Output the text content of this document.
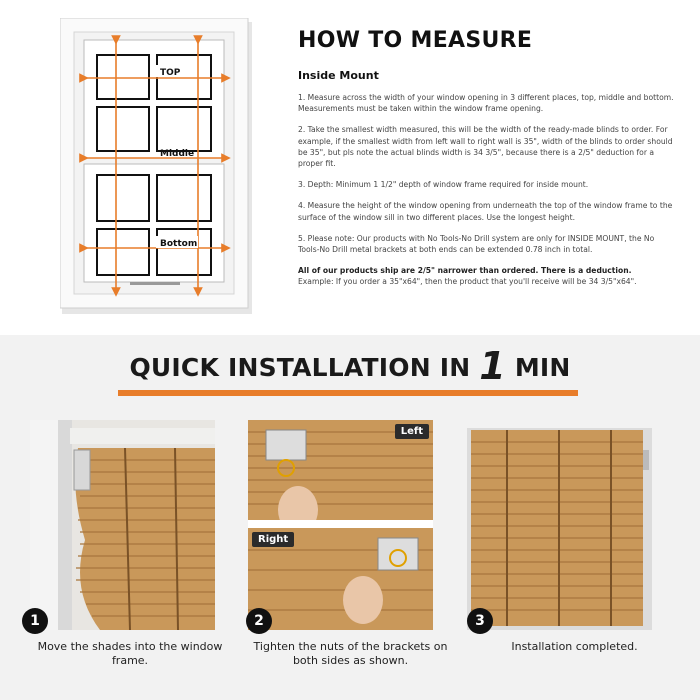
TOP
Middle
Bottom
HOW TO MEASURE
Inside Mount
1. Measure across the width of your window opening in 3 different places, top, middle and bottom. Measurements must be taken within the window frame opening.
2. Take the smallest width measured, this will be the width of the ready-made blinds to order. For example, if the smallest width from left wall to right wall is 35", width of the blinds to order should be 35", but pls note the actual blinds width is 34 3/5", because there is a 2/5" deduction for a proper fit.
3. Depth: Minimum 1 1/2" depth of window frame required for inside mount.
4. Measure the height of the window opening from underneath the top of the window frame to the surface of the window sill in two different places. Use the longest height.
5. Please note: Our products with No Tools-No Drill system are only for INSIDE MOUNT, the No Tools-No Drill metal brackets at both ends can be extended 0.78 inch in total.
All of our products ship are 2/5" narrower than ordered. There is a deduction.
Example: If you order a 35"x64", then the product that you'll receive will be 34 3/5"x64".
QUICK INSTALLATION IN 1 MIN
Left
Right
1	2	3
Move the shades into the window frame.
Tighten the nuts of the brackets on both sides as shown.
Installation completed.
